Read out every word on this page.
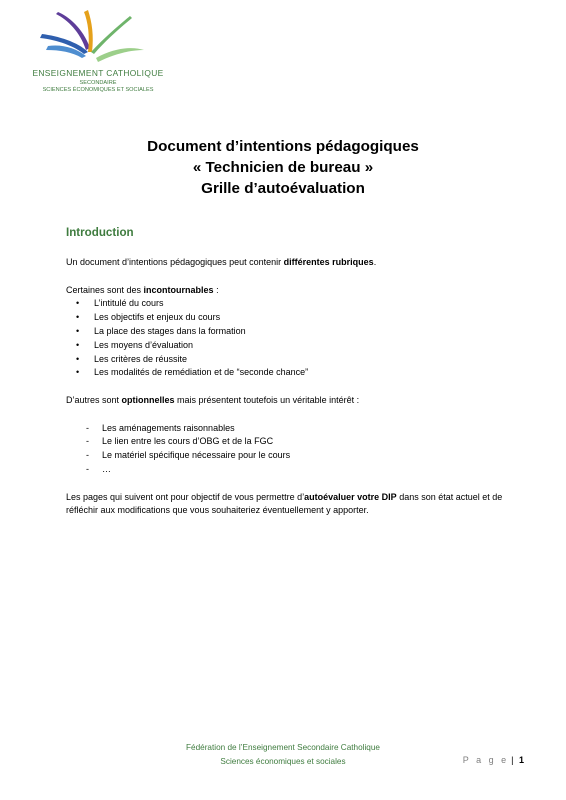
ENSEIGNEMENT CATHOLIQUE
SECONDAIRE
SCIENCES ÉCONOMIQUES ET SOCIALES
Document d’intentions pédagogiques
« Technicien de bureau »
Grille d’autoévaluation
Introduction

Un document d’intentions pédagogiques peut contenir différentes rubriques.

Certaines sont des incontournables :

• L’intitulé du cours
• Les objectifs et enjeux du cours
• La place des stages dans la formation
• Les moyens d’évaluation
• Les critères de réussite
• Les modalités de remédiation et de “seconde chance”

D’autres sont optionnelles mais présentent toutefois un véritable intérêt :

- Les aménagements raisonnables
- Le lien entre les cours d’OBG et de la FGC
- Le matériel spécifique nécessaire pour le cours
- …

Les pages qui suivent ont pour objectif de vous permettre d’autoévaluer votre DIP dans son état actuel et de réfléchir aux modifications que vous souhaiteriez éventuellement y apporter.

Fédération de l’Enseignement Secondaire Catholique
Sciences économiques et sociales	P a g e | 1
